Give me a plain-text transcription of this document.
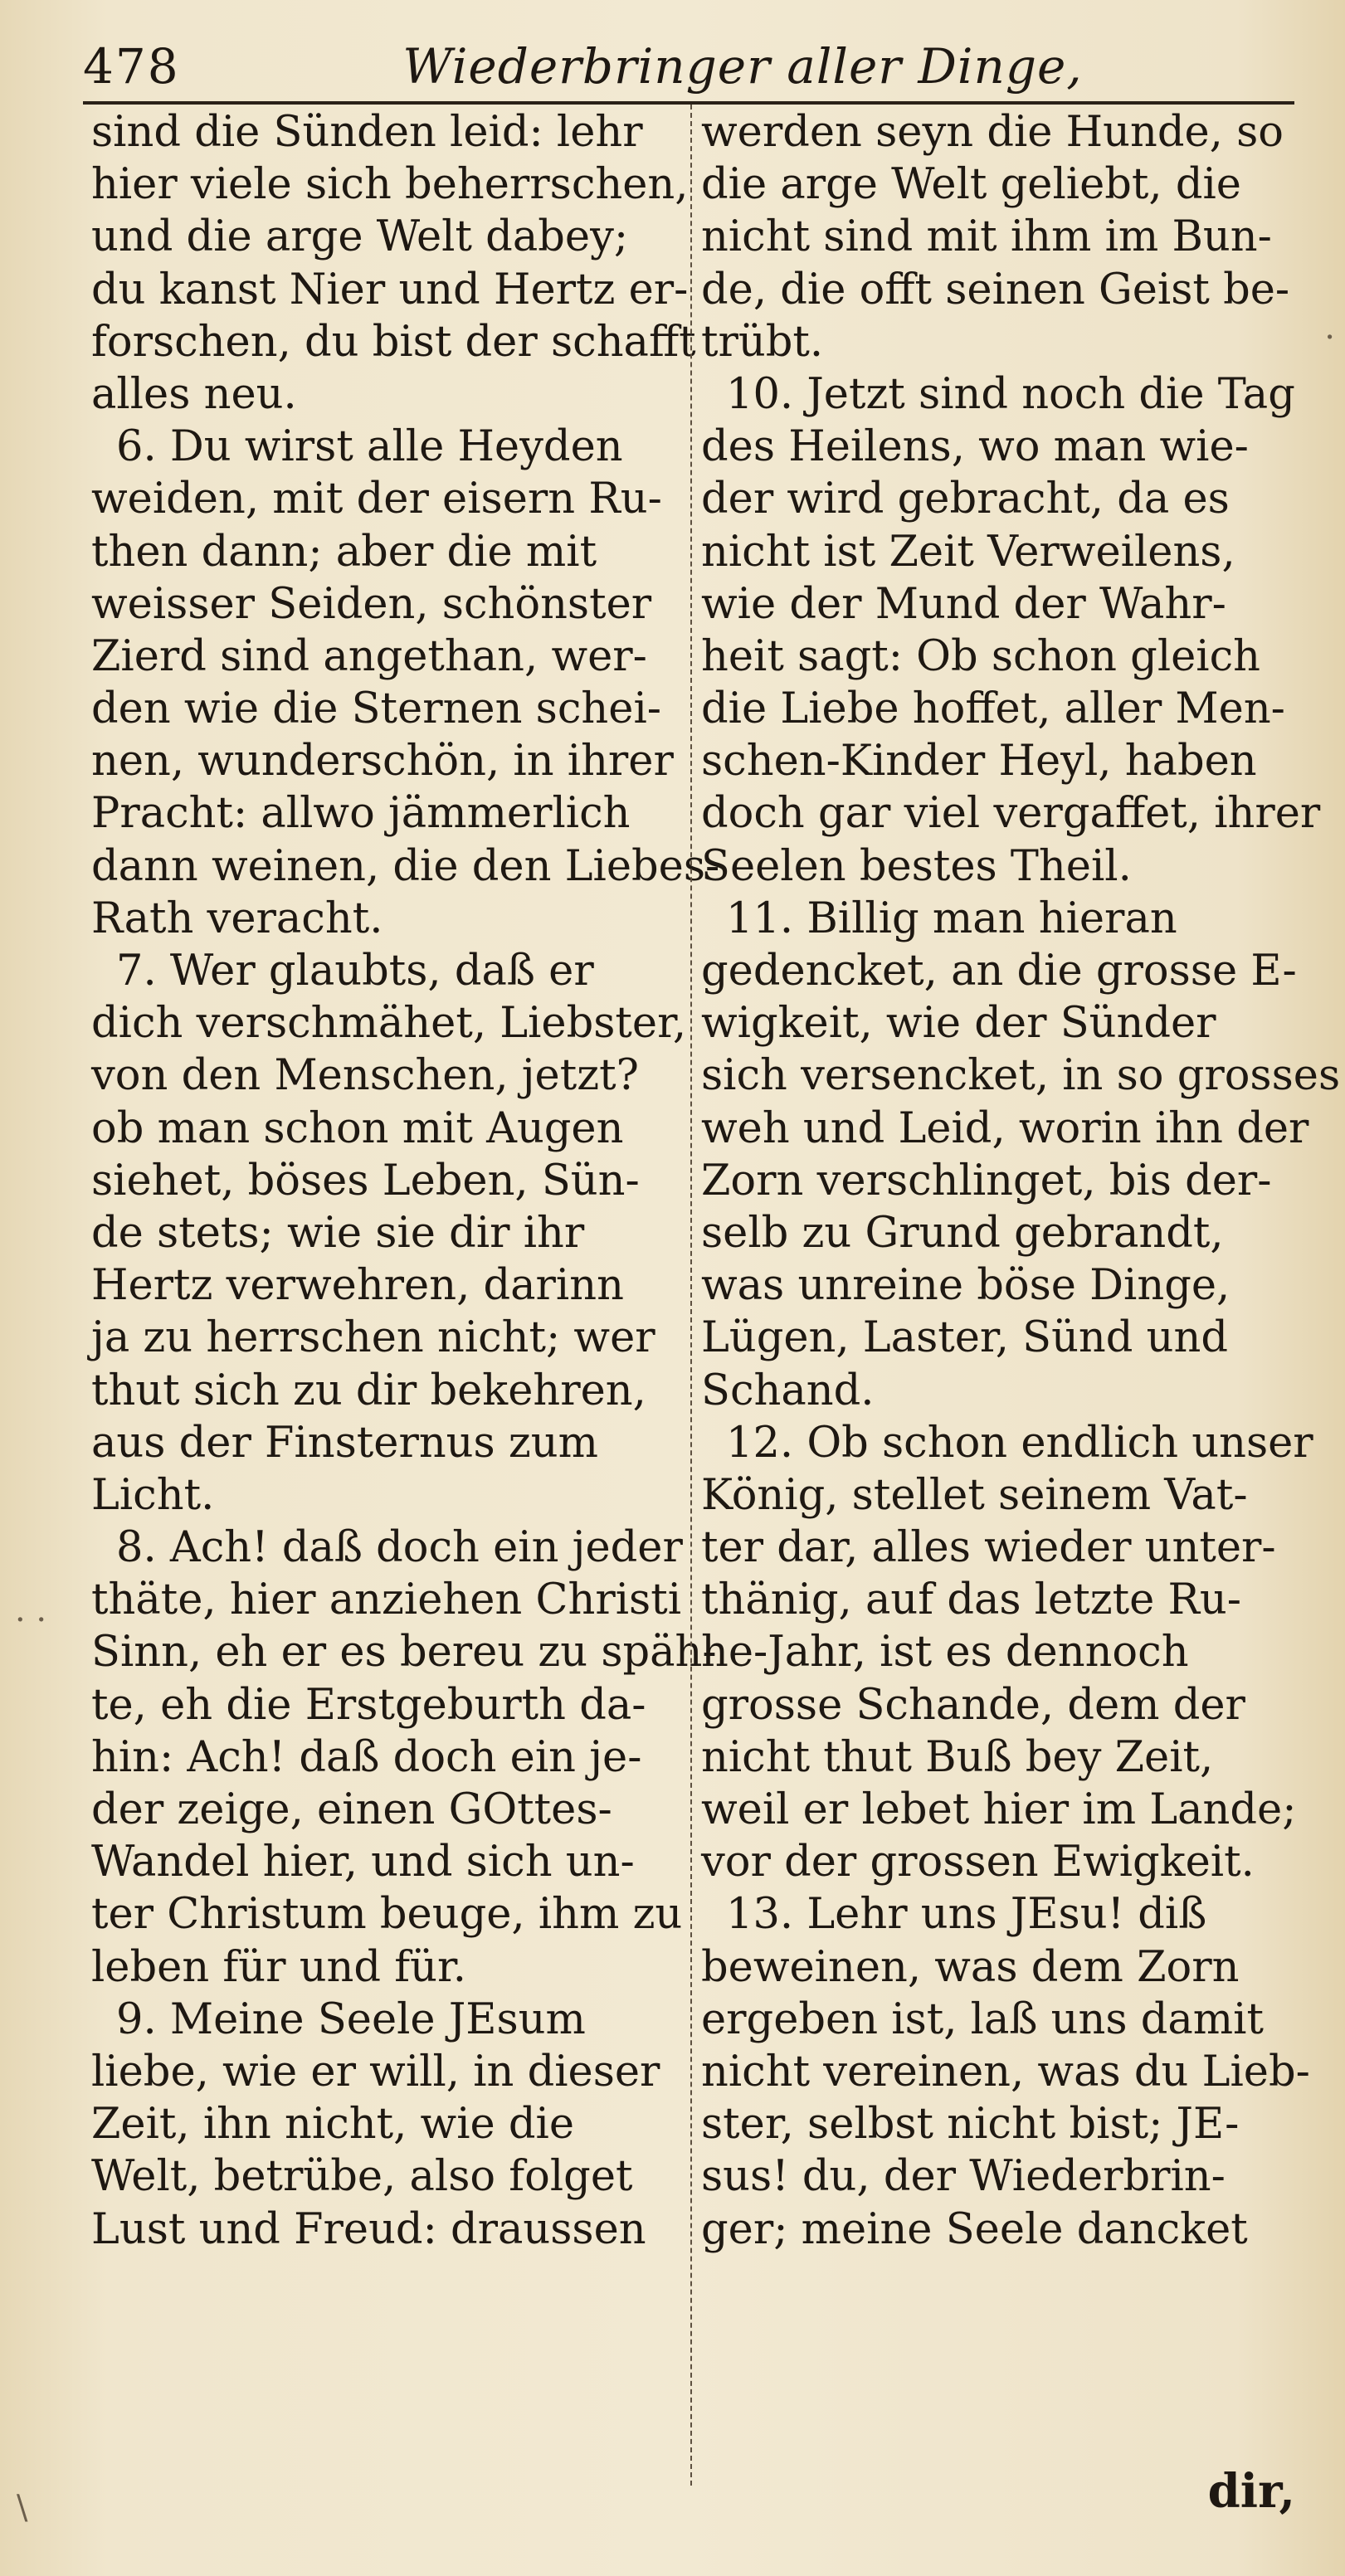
478	Wiederbringer aller Dinge,
sind die Sünden leid: lehr
hier viele sich beherrschen,
und die arge Welt dabey;
du kanst Nier und Hertz er-
forschen, du bist der schafft
alles neu.
6. Du wirst alle Heyden
weiden, mit der eisern Ru-
then dann; aber die mit
weisser Seiden, schönster
Zierd sind angethan, wer-
den wie die Sternen schei-
nen, wunderschön, in ihrer
Pracht: allwo jämmerlich
dann weinen, die den Liebes-
Rath veracht.
7. Wer glaubts, daß er
dich verschmähet, Liebster,
von den Menschen, jetzt?
ob man schon mit Augen
siehet, böses Leben, Sün-
de stets; wie sie dir ihr
Hertz verwehren, darinn
ja zu herrschen nicht; wer
thut sich zu dir bekehren,
aus der Finsternus zum
Licht.
8. Ach! daß doch ein jeder
thäte, hier anziehen Christi
Sinn, eh er es bereu zu späh-
te, eh die Erstgeburth da-
hin: Ach! daß doch ein je-
der zeige, einen GOttes-
Wandel hier, und sich un-
ter Christum beuge, ihm zu
leben für und für.
9. Meine Seele JEsum
liebe, wie er will, in dieser
Zeit, ihn nicht, wie die
Welt, betrübe, also folget
Lust und Freud: draussen
werden seyn die Hunde, so
die arge Welt geliebt, die
nicht sind mit ihm im Bun-
de, die offt seinen Geist be-
trübt.
10. Jetzt sind noch die Tag
des Heilens, wo man wie-
der wird gebracht, da es
nicht ist Zeit Verweilens,
wie der Mund der Wahr-
heit sagt: Ob schon gleich
die Liebe hoffet, aller Men-
schen-Kinder Heyl, haben
doch gar viel vergaffet, ihrer
Seelen bestes Theil.
11. Billig man hieran
gedencket, an die grosse E-
wigkeit, wie der Sünder
sich versencket, in so grosses
weh und Leid, worin ihn der
Zorn verschlinget, bis der-
selb zu Grund gebrandt,
was unreine böse Dinge,
Lügen, Laster, Sünd und
Schand.
12. Ob schon endlich unser
König, stellet seinem Vat-
ter dar, alles wieder unter-
thänig, auf das letzte Ru-
he-Jahr, ist es dennoch
grosse Schande, dem der
nicht thut Buß bey Zeit,
weil er lebet hier im Lande;
vor der grossen Ewigkeit.
13. Lehr uns JEsu! diß
beweinen, was dem Zorn
ergeben ist, laß uns damit
nicht vereinen, was du Lieb-
ster, selbst nicht bist; JE-
sus! du, der Wiederbrin-
ger; meine Seele dancket
dir,
· ·
\
.
